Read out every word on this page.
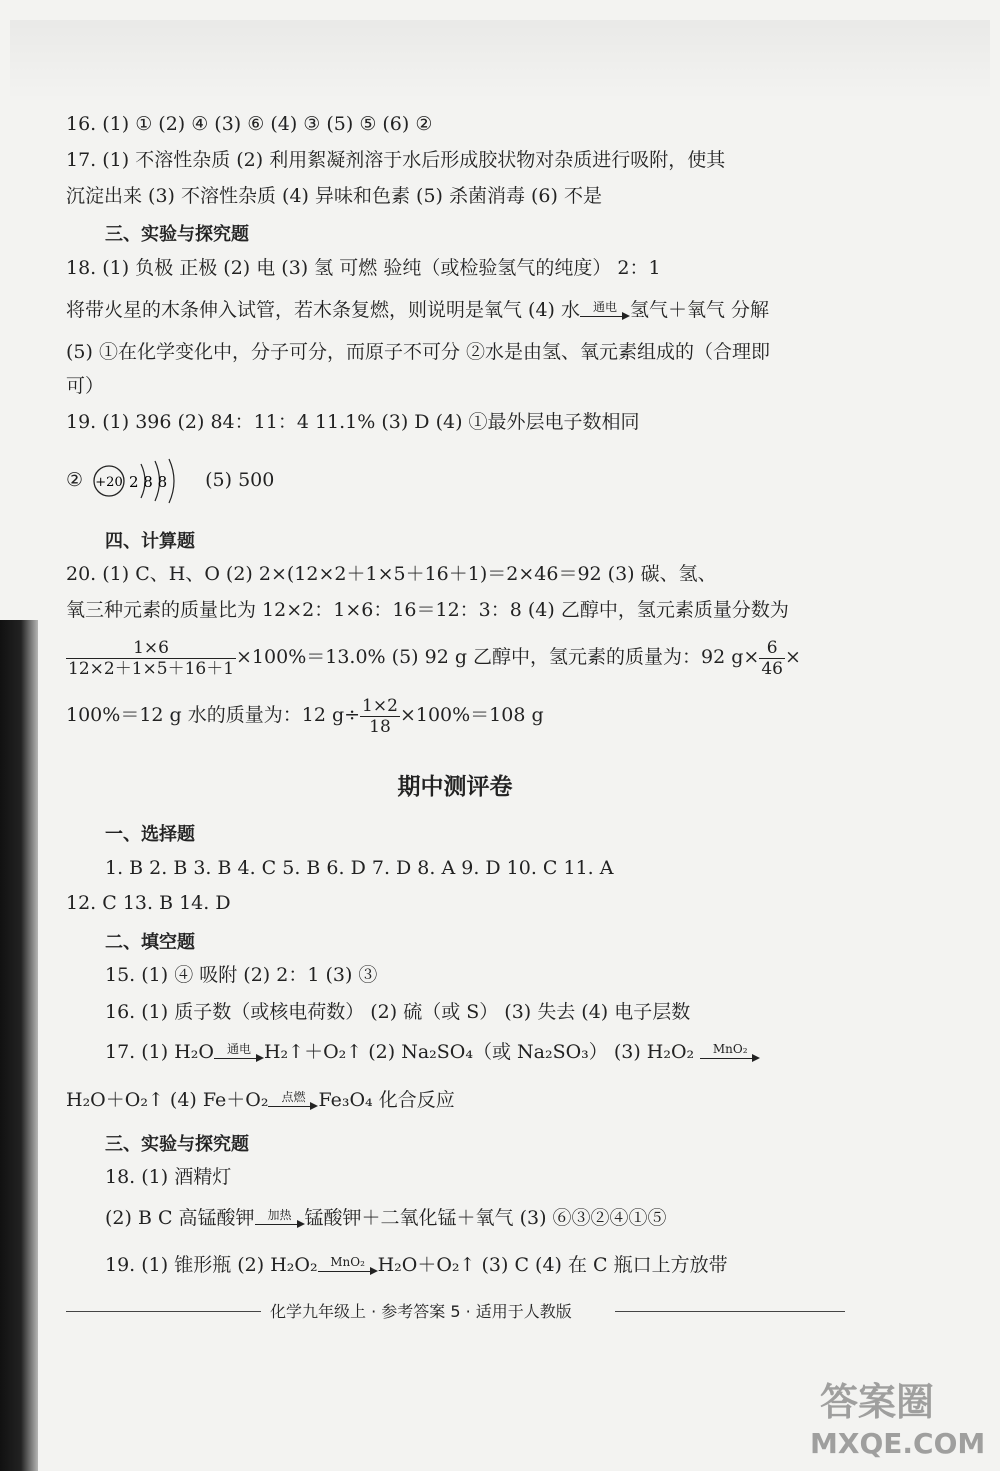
16. (1) ① (2) ④ (3) ⑥ (4) ③ (5) ⑤ (6) ②
17. (1) 不溶性杂质 (2) 利用絮凝剂溶于水后形成胶状物对杂质进行吸附，使其
沉淀出来 (3) 不溶性杂质 (4) 异味和色素 (5) 杀菌消毒 (6) 不是
三、实验与探究题
18. (1) 负极 正极 (2) 电 (3) 氢 可燃 验纯（或检验氢气的纯度） 2：1
将带火星的木条伸入试管，若木条复燃，则说明是氧气 (4) 水	通电 氢气＋氧气 分解
(5) ①在化学变化中，分子可分，而原子不可分 ②水是由氢、氧元素组成的（合理即
可）
19. (1) 396 (2) 84：11：4 11.1% (3) D (4) ①最外层电子数相同
② +20 2 8 8 (5) 500
四、计算题
20. (1) C、H、O (2) 2×(12×2＋1×5＋16＋1)＝2×46＝92 (3) 碳、氢、
氧三种元素的质量比为 12×2：1×6：16＝12：3：8 (4) 乙醇中，氢元素质量分数为
$\frac{1\times 6}{12\times 2+1\times 5+16+1} \times 100\%=13.0\%$ (5) 92 g 乙醇中，氢元素的质量为：92 $g\times \frac{6}{46}$ ×
100%＝12 g 水的质量为：12 $g\div \frac{1\times 2}{18} \times 100\%=108$ g
期中测评卷
一、选择题
1. B 2. B 3. B 4. C 5. B 6. D 7. D 8. A 9. D 10. C 11. A
12. C 13. B 14. D
二、填空题
15. (1) ④ 吸附 (2) 2：1 (3) ③
16. (1) 质子数（或核电荷数） (2) 硫（或 S） (3) 失去 (4) 电子层数
17. (1) H₂O	通电 H₂↑＋O₂↑ (2) Na₂SO₄（或 Na₂SO₃） (3) H₂O₂	MnO₂
H₂O＋O₂↑ (4) Fe＋O₂	点燃 Fe₃O₄ 化合反应
三、实验与探究题
18. (1) 酒精灯
(2) B C 高锰酸钾	加热 锰酸钾＋二氧化锰＋氧气 (3) ⑥③②④①⑤
19. (1) 锥形瓶 (2) H₂O₂	MnO₂ H₂O＋O₂↑ (3) C (4) 在 C 瓶口上方放带
化学九年级上 · 参考答案 5 · 适用于人教版
答案圈
MXQE.COM
